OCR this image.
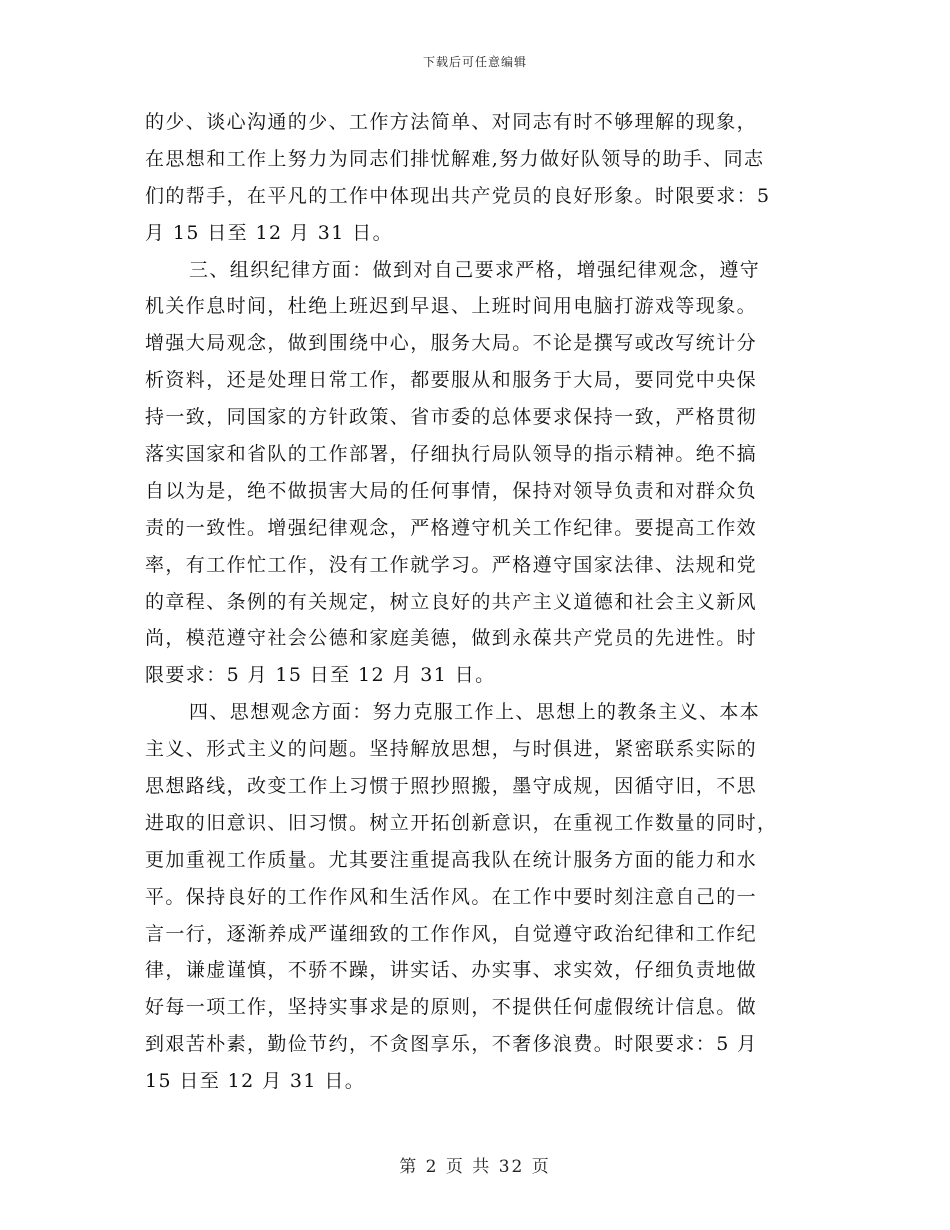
下载后可任意编辑
的少、谈心沟通的少、工作方法简单、对同志有时不够理解的现象，
在思想和工作上努力为同志们排忧解难,努力做好队领导的助手、同志
们的帮手，在平凡的工作中体现出共产党员的良好形象。时限要求：5
月 15 日至 12 月 31 日。
三、组织纪律方面：做到对自己要求严格，增强纪律观念，遵守
机关作息时间，杜绝上班迟到早退、上班时间用电脑打游戏等现象。
增强大局观念，做到围绕中心，服务大局。不论是撰写或改写统计分
析资料，还是处理日常工作，都要服从和服务于大局，要同党中央保
持一致，同国家的方针政策、省市委的总体要求保持一致，严格贯彻
落实国家和省队的工作部署，仔细执行局队领导的指示精神。绝不搞
自以为是，绝不做损害大局的任何事情，保持对领导负责和对群众负
责的一致性。增强纪律观念，严格遵守机关工作纪律。要提高工作效
率，有工作忙工作，没有工作就学习。严格遵守国家法律、法规和党
的章程、条例的有关规定，树立良好的共产主义道德和社会主义新风
尚，模范遵守社会公德和家庭美德，做到永葆共产党员的先进性。时
限要求：5 月 15 日至 12 月 31 日。
四、思想观念方面：努力克服工作上、思想上的教条主义、本本
主义、形式主义的问题。坚持解放思想，与时俱进，紧密联系实际的
思想路线，改变工作上习惯于照抄照搬，墨守成规，因循守旧，不思
进取的旧意识、旧习惯。树立开拓创新意识，在重视工作数量的同时，
更加重视工作质量。尤其要注重提高我队在统计服务方面的能力和水
平。保持良好的工作作风和生活作风。在工作中要时刻注意自己的一
言一行，逐渐养成严谨细致的工作作风，自觉遵守政治纪律和工作纪
律，谦虚谨慎，不骄不躁，讲实话、办实事、求实效，仔细负责地做
好每一项工作，坚持实事求是的原则，不提供任何虚假统计信息。做
到艰苦朴素，勤俭节约，不贪图享乐，不奢侈浪费。时限要求：5 月
15 日至 12 月 31 日。
第 2 页 共 32 页
